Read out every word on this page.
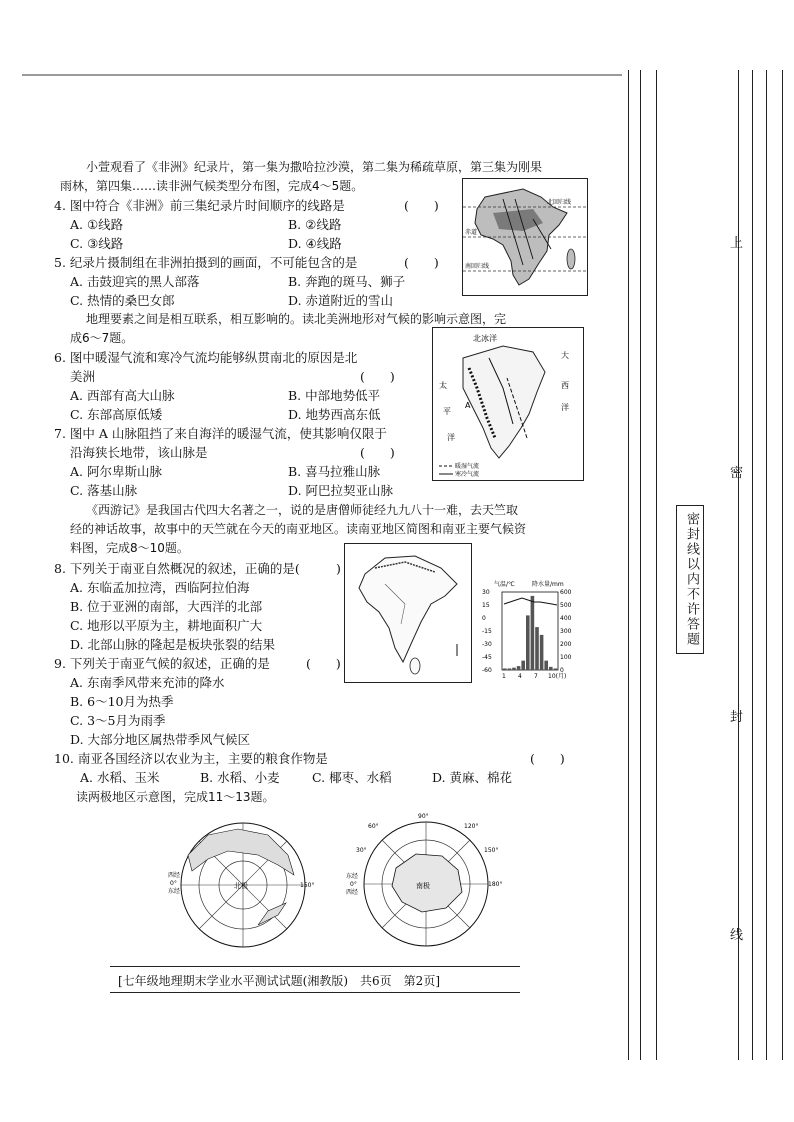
小萱观看了《非洲》纪录片，第一集为撒哈拉沙漠，第二集为稀疏草原，第三集为刚果
雨林，第四集……读非洲气候类型分布图，完成4～5题。
4. 图中符合《非洲》前三集纪录片时间顺序的线路是	(　　)
A. ①线路	B. ②线路
C. ③线路	D. ④线路
5. 纪录片摄制组在非洲拍摄到的画面，不可能包含的是	(　　)
A. 击鼓迎宾的黑人部落	B. 奔跑的斑马、狮子
C. 热情的桑巴女郎	D. 赤道附近的雪山
地理要素之间是相互联系，相互影响的。读北美洲地形对气候的影响示意图，完
成6～7题。
6. 图中暖湿气流和寒冷气流均能够纵贯南北的原因是北
美洲	(　　)
A. 西部有高大山脉	B. 中部地势低平
C. 东部高原低矮	D. 地势西高东低
7. 图中 A 山脉阻挡了来自海洋的暖湿气流，使其影响仅限于
沿海狭长地带，该山脉是	(　　)
A. 阿尔卑斯山脉	B. 喜马拉雅山脉
C. 落基山脉	D. 阿巴拉契亚山脉
《西游记》是我国古代四大名著之一，说的是唐僧师徒经九九八十一难，去天竺取
经的神话故事，故事中的天竺就在今天的南亚地区。读南亚地区简图和南亚主要气候资
料图，完成8～10题。
8. 下列关于南亚自然概况的叙述，正确的是(	)
A. 东临孟加拉湾，西临阿拉伯海
B. 位于亚洲的南部，大西洋的北部
C. 地形以平原为主，耕地面积广大
D. 北部山脉的隆起是板块张裂的结果
9. 下列关于南亚气候的叙述，正确的是	(　　)
A. 东南季风带来充沛的降水
B. 6～10月为热季
C. 3～5月为雨季
D. 大部分地区属热带季风气候区
10. 南亚各国经济以农业为主，主要的粮食作物是	(　　)
A. 水稻、玉米	B. 水稻、小麦	C. 椰枣、水稻	D. 黄麻、棉花
读两极地区示意图，完成11～13题。
北回归线
赤道
南回归线
北冰洋
大
西
洋
太
平
洋
A
暖湿气流
寒冷气流
气温/℃	降水量/mm
30
15
0
-15
-30
-45
-60
600
500
400
300
200
100
0
1 4 7 10(月)
北极
西经
0°
东经
150°
90°
120°
150°
60°
30°
东经
0°
西经
180°
南极
[七年级地理期末学业水平测试试题(湘教版)　共6页　第2页]
上
密
封
线
密封线以内不许答题
